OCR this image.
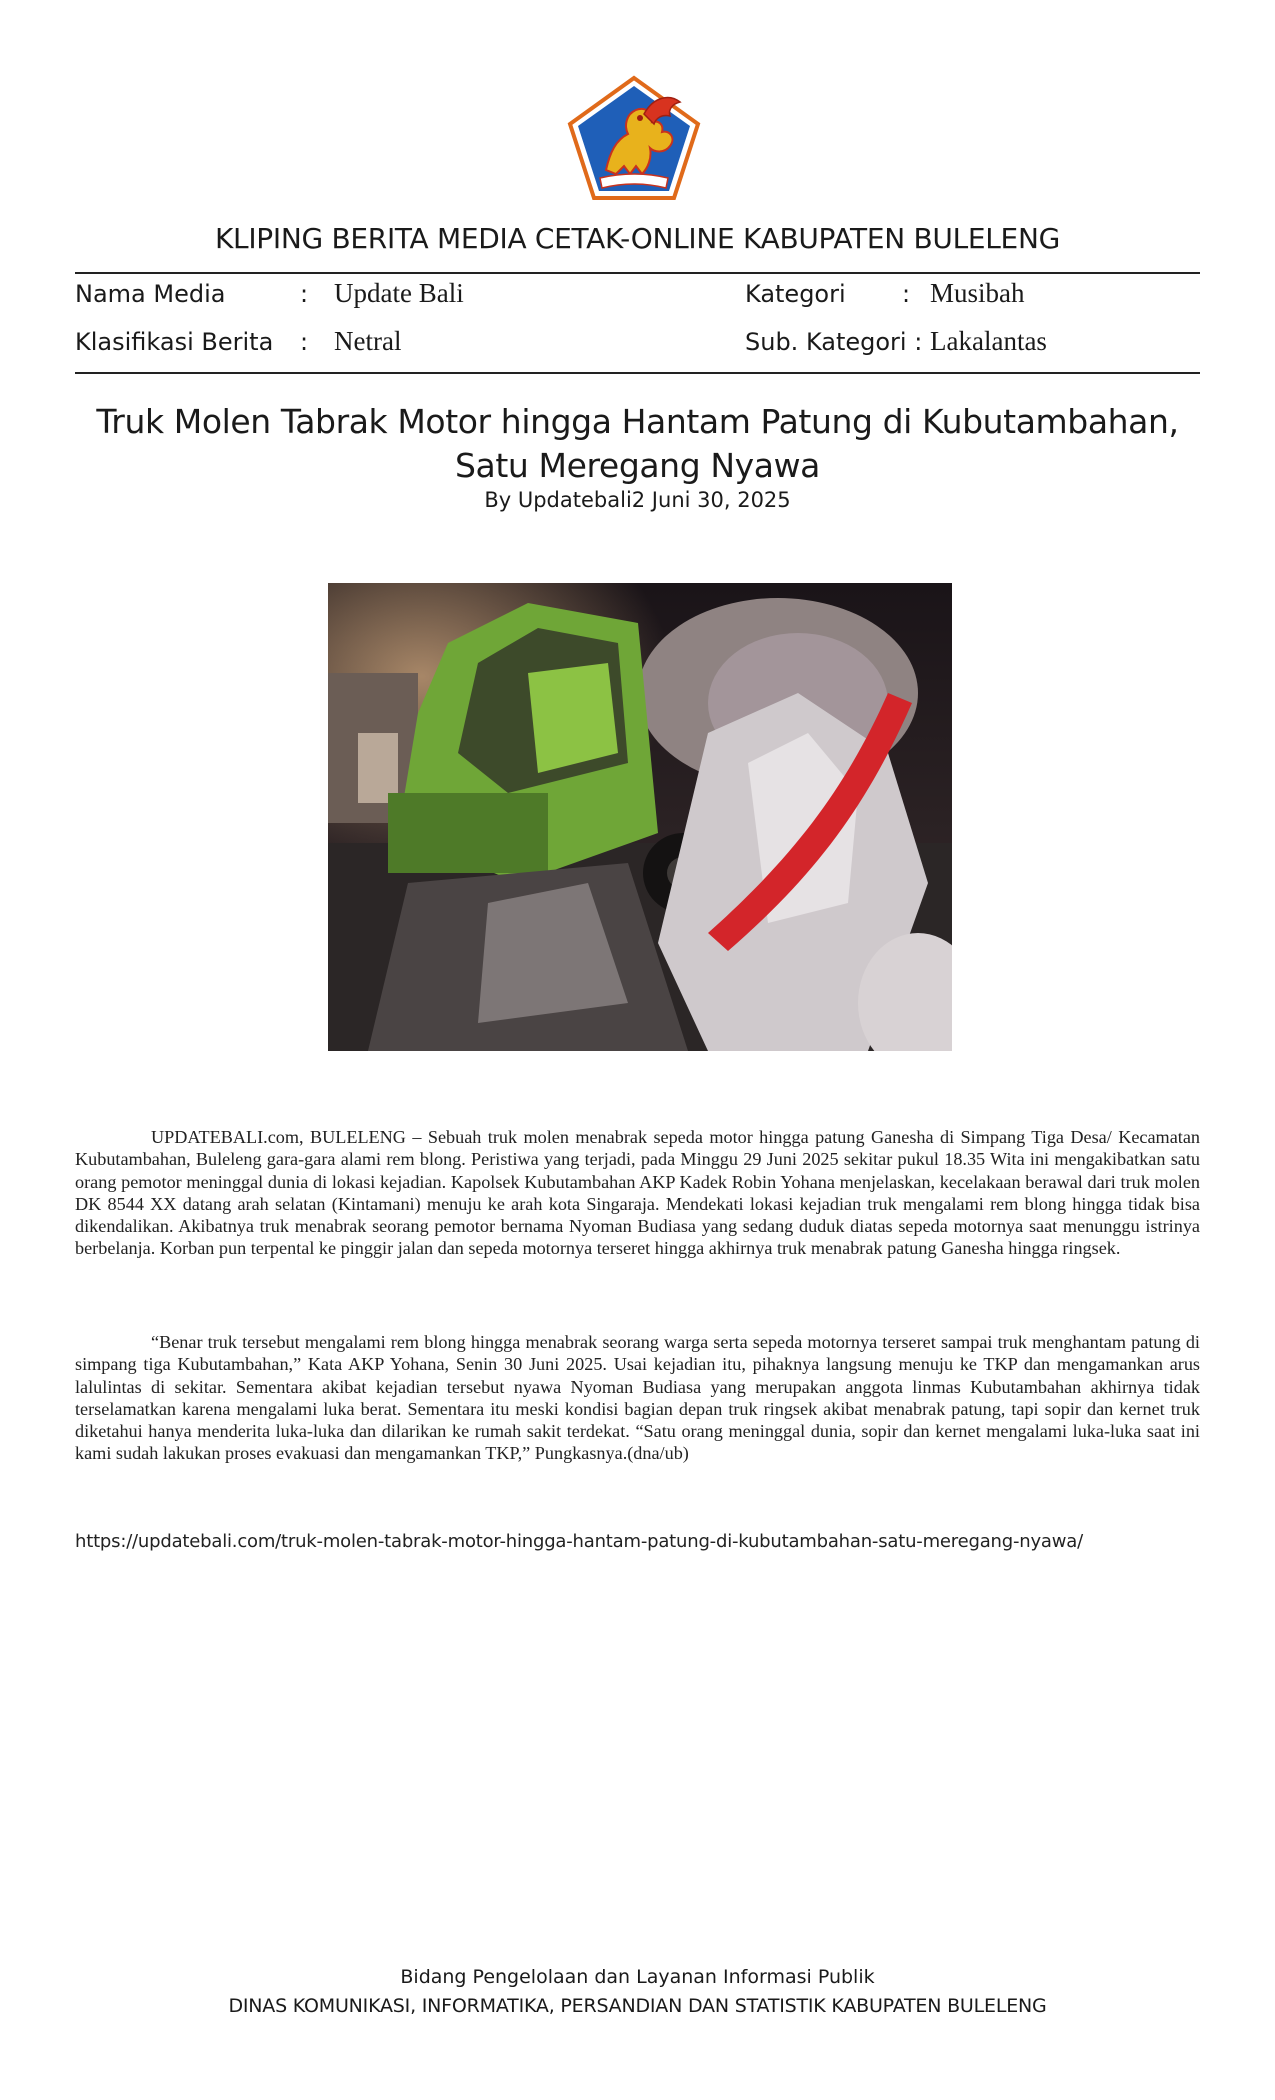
KLIPING BERITA MEDIA CETAK-ONLINE KABUPATEN BULELENG
Nama Media	: Update Bali	Kategori : Musibah
Klasifikasi Berita : Netral	Sub. Kategori : Lakalantas
Truk Molen Tabrak Motor hingga Hantam Patung di Kubutambahan,
Satu Meregang Nyawa
By Updatebali2 Juni 30, 2025
UPDATEBALI.com, BULELENG – Sebuah truk molen menabrak sepeda motor hingga patung Ganesha di Simpang Tiga Desa/ Kecamatan Kubutambahan, Buleleng gara-gara alami rem blong. Peristiwa yang terjadi, pada Minggu 29 Juni 2025 sekitar pukul 18.35 Wita ini mengakibatkan satu orang pemotor meninggal dunia di lokasi kejadian. Kapolsek Kubutambahan AKP Kadek Robin Yohana menjelaskan, kecelakaan berawal dari truk molen DK 8544 XX datang arah selatan (Kintamani) menuju ke arah kota Singaraja. Mendekati lokasi kejadian truk mengalami rem blong hingga tidak bisa dikendalikan. Akibatnya truk menabrak seorang pemotor bernama Nyoman Budiasa yang sedang duduk diatas sepeda motornya saat menunggu istrinya berbelanja. Korban pun terpental ke pinggir jalan dan sepeda motornya terseret hingga akhirnya truk menabrak patung Ganesha hingga ringsek.
“Benar truk tersebut mengalami rem blong hingga menabrak seorang warga serta sepeda motornya terseret sampai truk menghantam patung di simpang tiga Kubutambahan,” Kata AKP Yohana, Senin 30 Juni 2025. Usai kejadian itu, pihaknya langsung menuju ke TKP dan mengamankan arus lalulintas di sekitar. Sementara akibat kejadian tersebut nyawa Nyoman Budiasa yang merupakan anggota linmas Kubutambahan akhirnya tidak terselamatkan karena mengalami luka berat. Sementara itu meski kondisi bagian depan truk ringsek akibat menabrak patung, tapi sopir dan kernet truk diketahui hanya menderita luka-luka dan dilarikan ke rumah sakit terdekat. “Satu orang meninggal dunia, sopir dan kernet mengalami luka-luka saat ini kami sudah lakukan proses evakuasi dan mengamankan TKP,” Pungkasnya.(dna/ub)
https://updatebali.com/truk-molen-tabrak-motor-hingga-hantam-patung-di-kubutambahan-satu-meregang-nyawa/
Bidang Pengelolaan dan Layanan Informasi Publik
DINAS KOMUNIKASI, INFORMATIKA, PERSANDIAN DAN STATISTIK KABUPATEN BULELENG
